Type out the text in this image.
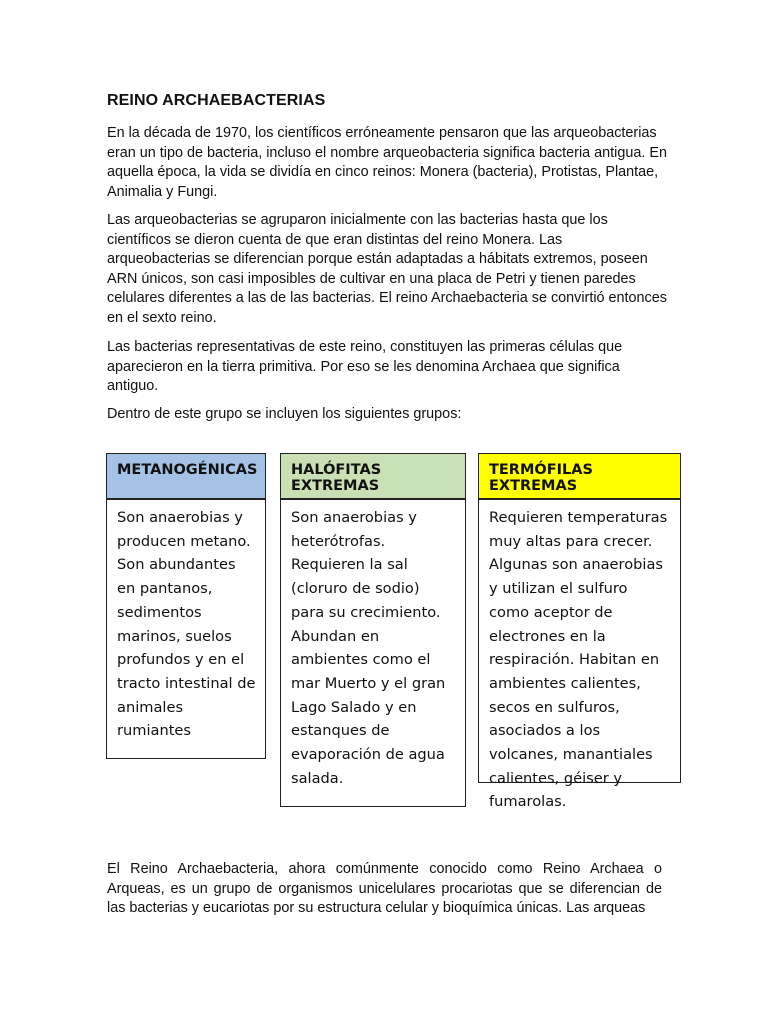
REINO ARCHAEBACTERIAS

En la década de 1970, los científicos erróneamente pensaron que las arqueobacterias eran un tipo de bacteria, incluso el nombre arqueobacteria significa bacteria antigua. En aquella época, la vida se dividía en cinco reinos: Monera (bacteria), Protistas, Plantae, Animalia y Fungi.

Las arqueobacterias se agruparon inicialmente con las bacterias hasta que los científicos se dieron cuenta de que eran distintas del reino Monera. Las arqueobacterias se diferencian porque están adaptadas a hábitats extremos, poseen ARN únicos, son casi imposibles de cultivar en una placa de Petri y tienen paredes celulares diferentes a las de las bacterias. El reino Archaebacteria se convirtió entonces en el sexto reino.

Las bacterias representativas de este reino, constituyen las primeras células que aparecieron en la tierra primitiva. Por eso se les denomina Archaea que significa antiguo.

Dentro de este grupo se incluyen los siguientes grupos:

METANOGÉNICAS
Son anaerobias y producen metano. Son abundantes en pantanos, sedimentos marinos, suelos profundos y en el tracto intestinal de animales rumiantes
HALÓFITAS EXTREMAS
Son anaerobias y heterótrofas. Requieren la sal (cloruro de sodio) para su crecimiento. Abundan en ambientes como el mar Muerto y el gran Lago Salado y en estanques de evaporación de agua salada.
TERMÓFILAS EXTREMAS
Requieren temperaturas muy altas para crecer. Algunas son anaerobias y utilizan el sulfuro como aceptor de electrones en la respiración. Habitan en ambientes calientes, secos en sulfuros, asociados a los volcanes, manantiales calientes, géiser y fumarolas.

El Reino Archaebacteria, ahora comúnmente conocido como Reino Archaea o Arqueas, es un grupo de organismos unicelulares procariotas que se diferencian de las bacterias y eucariotas por su estructura celular y bioquímica únicas. Las arqueas
